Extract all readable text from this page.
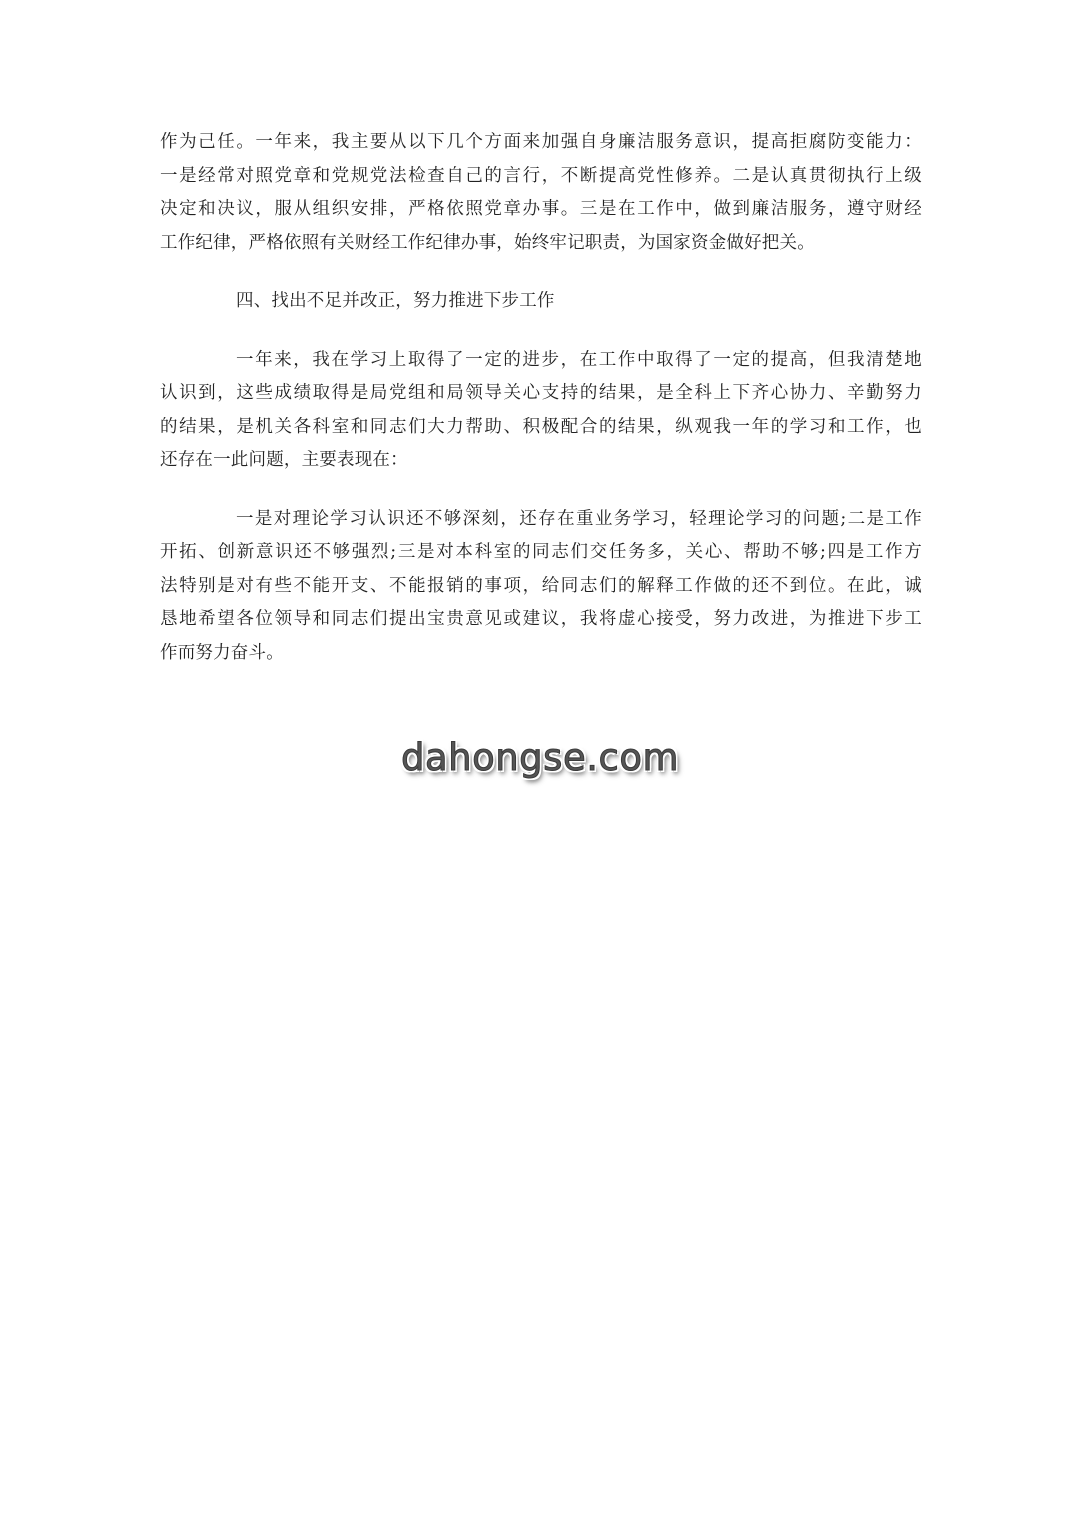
作为己任。一年来，我主要从以下几个方面来加强自身廉洁服务意识，提高拒腐防变能力：
一是经常对照党章和党规党法检查自己的言行，不断提高党性修养。二是认真贯彻执行上级
决定和决议，服从组织安排，严格依照党章办事。三是在工作中，做到廉洁服务，遵守财经
工作纪律，严格依照有关财经工作纪律办事，始终牢记职责，为国家资金做好把关。
四、找出不足并改正，努力推进下步工作
一年来，我在学习上取得了一定的进步，在工作中取得了一定的提高，但我清楚地
认识到，这些成绩取得是局党组和局领导关心支持的结果，是全科上下齐心协力、辛勤努力
的结果，是机关各科室和同志们大力帮助、积极配合的结果，纵观我一年的学习和工作，也
还存在一此问题，主要表现在：
一是对理论学习认识还不够深刻，还存在重业务学习，轻理论学习的问题;二是工作
开拓、创新意识还不够强烈;三是对本科室的同志们交任务多，关心、帮助不够;四是工作方
法特别是对有些不能开支、不能报销的事项，给同志们的解释工作做的还不到位。在此，诚
恳地希望各位领导和同志们提出宝贵意见或建议，我将虚心接受，努力改进，为推进下步工
作而努力奋斗。
dahongse.com
